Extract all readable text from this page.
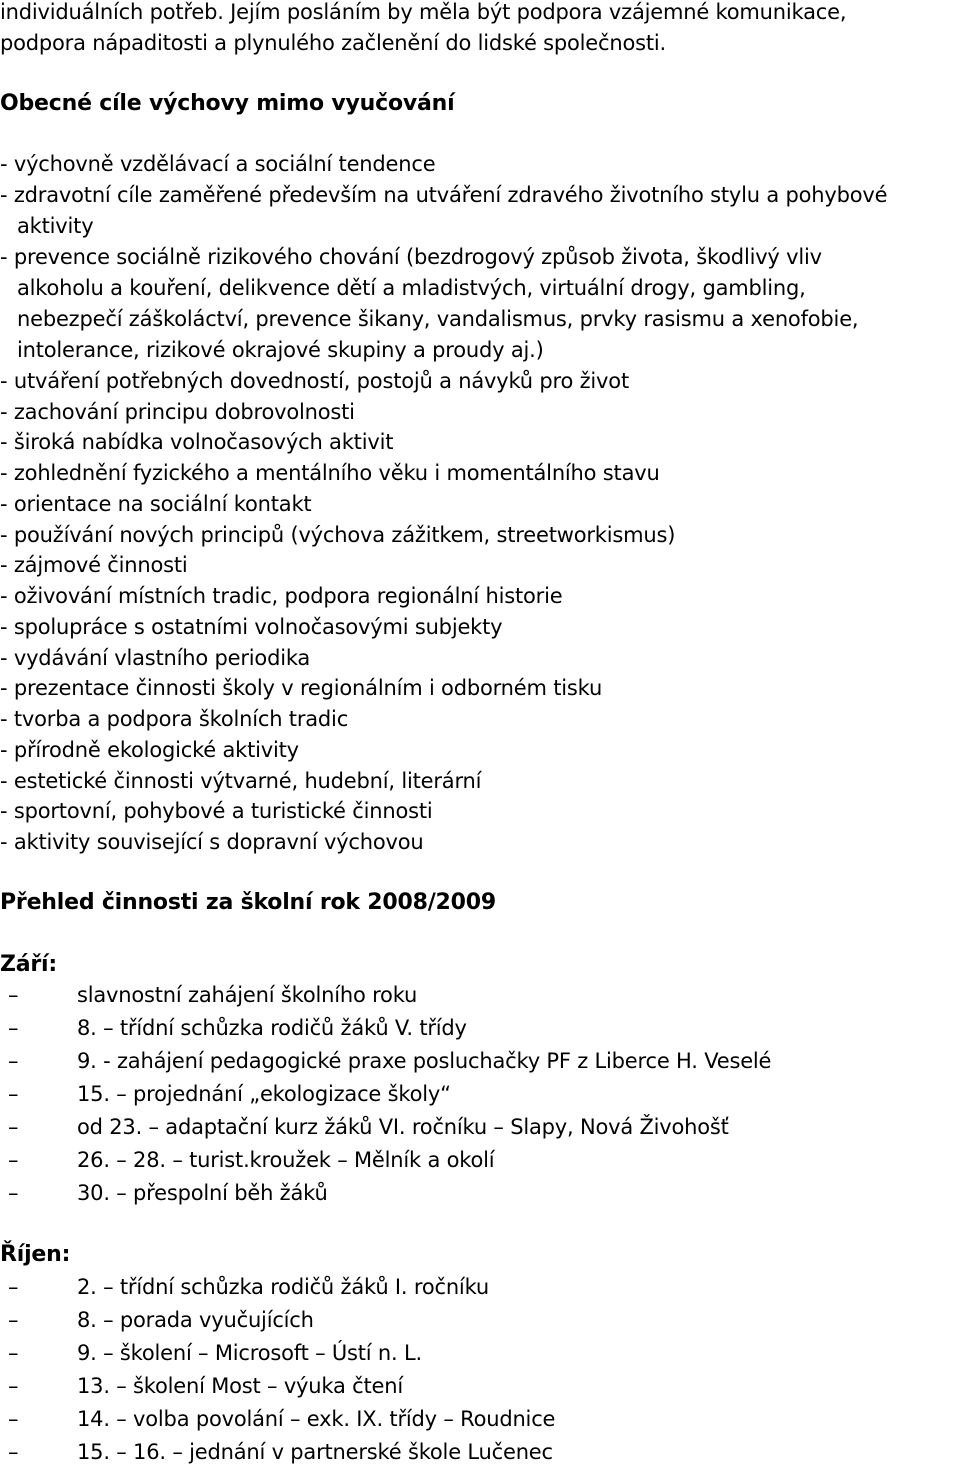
individuálních potřeb. Jejím posláním by měla být podpora vzájemné komunikace,
podpora nápaditosti a plynulého začlenění do lidské společnosti.
Obecné cíle výchovy mimo vyučování
- výchovně vzdělávací a sociální tendence
- zdravotní cíle zaměřené především na utváření zdravého životního stylu a pohybové
aktivity
- prevence sociálně rizikového chování (bezdrogový způsob života, škodlivý vliv
alkoholu a kouření, delikvence dětí a mladistvých, virtuální drogy, gambling,
nebezpečí záškoláctví, prevence šikany, vandalismus, prvky rasismu a xenofobie,
intolerance, rizikové okrajové skupiny a proudy aj.)
- utváření potřebných dovedností, postojů a návyků pro život
- zachování principu dobrovolnosti
- široká nabídka volnočasových aktivit
- zohlednění fyzického a mentálního věku i momentálního stavu
- orientace na sociální kontakt
- používání nových principů (výchova zážitkem, streetworkismus)
- zájmové činnosti
- oživování místních tradic, podpora regionální historie
- spolupráce s ostatními volnočasovými subjekty
- vydávání vlastního periodika
- prezentace činnosti školy v regionálním i odborném tisku
- tvorba a podpora školních tradic
- přírodně ekologické aktivity
- estetické činnosti výtvarné, hudební, literární
- sportovní, pohybové a turistické činnosti
- aktivity související s dopravní výchovou
Přehled činnosti za školní rok 2008/2009
Září:
–	slavnostní zahájení školního roku
–	8. – třídní schůzka rodičů žáků V. třídy
–	9. - zahájení pedagogické praxe posluchačky PF z Liberce H. Veselé
–	15. – projednání „ekologizace školy“
–	od 23. – adaptační kurz žáků VI. ročníku – Slapy, Nová Živohošť
–	26. – 28. – turist.kroužek – Mělník a okolí
–	30. – přespolní běh žáků
Říjen:
–	2. – třídní schůzka rodičů žáků I. ročníku
–	8. – porada vyučujících
–	9. – školení – Microsoft – Ústí n. L.
–	13. – školení Most – výuka čtení
–	14. – volba povolání – exk. IX. třídy – Roudnice
–	15. – 16. – jednání v partnerské škole Lučenec
